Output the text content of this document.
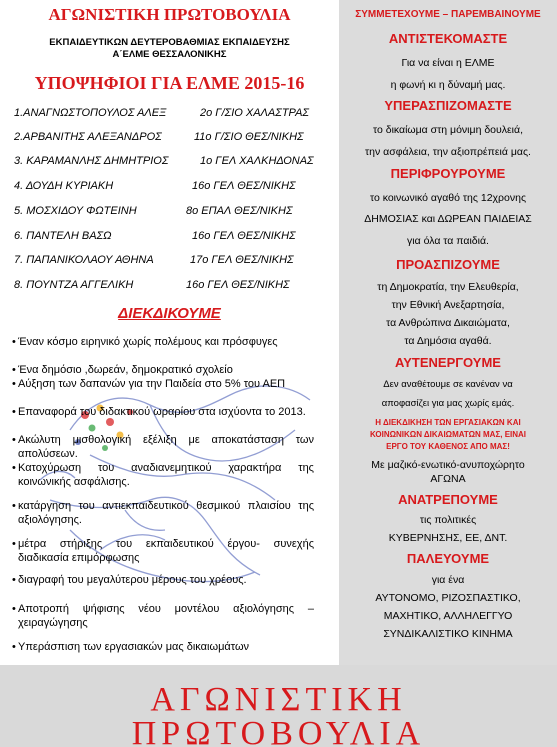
ΑΓΩΝΙΣΤΙΚΗ ΠΡΩΤΟΒΟΥΛΙΑ
ΕΚΠΑΙΔΕΥΤΙΚΩΝ ΔΕΥΤΕΡΟΒΑΘΜΙΑΣ ΕΚΠΑΙΔΕΥΣΗΣ
Α΄ΕΛΜΕ ΘΕΣΣΑΛΟΝΙΚΗΣ
ΥΠΟΨΗΦΙΟΙ ΓΙΑ ΕΛΜΕ 2015-16
1.ΑΝΑΓΝΩΣΤΟΠΟΥΛΟΣ ΑΛΕΞ	2ο Γ/ΣΙΟ ΧΑΛΑΣΤΡΑΣ
2.ΑΡΒΑΝΙΤΗΣ ΑΛΕΞΑΝΔΡΟΣ	11ο Γ/ΣΙΟ ΘΕΣ/ΝΙΚΗΣ
3. ΚΑΡΑΜΑΝΛΗΣ ΔΗΜΗΤΡΙΟΣ	1ο ΓΕΛ ΧΑΛΚΗΔΟΝΑΣ
4. ΔΟΥΔΗ ΚΥΡΙΑΚΗ	16ο ΓΕΛ ΘΕΣ/ΝΙΚΗΣ
5. ΜΟΣΧΙΔΟΥ ΦΩΤΕΙΝΗ	8ο ΕΠΑΛ ΘΕΣ/ΝΙΚΗΣ
6. ΠΑΝΤΕΛΗ ΒΑΣΩ	16ο ΓΕΛ ΘΕΣ/ΝΙΚΗΣ
7. ΠΑΠΑΝΙΚΟΛΑΟΥ ΑΘΗΝΑ	17ο ΓΕΛ ΘΕΣ/ΝΙΚΗΣ
8. ΠΟΥΝΤΖΑ ΑΓΓΕΛΙΚΗ	16ο ΓΕΛ ΘΕΣ/ΝΙΚΗΣ
ΔΙΕΚΔΙΚΟΥΜΕ
• Έναν κόσμο ειρηνικό χωρίς πολέμους και πρόσφυγες
• Ένα δημόσιο ,δωρεάν, δημοκρατικό σχολείο
• Αύξηση των δαπανών για την Παιδεία στο 5% του ΑΕΠ
• Επαναφορά του διδακτικού ωραρίου στα ισχύοντα το 2013.
• Ακώλυτη μισθολογική εξέλιξη με αποκατάσταση των απολύσεων.
• Κατοχύρωση του αναδιανεμητικού χαρακτήρα της κοινωνικής ασφάλισης.
• κατάργηση του αντιεκπαιδευτικού θεσμικού πλαισίου της αξιολόγησης.
• μέτρα στήριξης του εκπαιδευτικού έργου- συνεχής διαδικασία επιμόρφωσης
• διαγραφή του μεγαλύτερου μέρους του χρέους.
• Αποτροπή ψήφισης νέου μοντέλου αξιολόγησης – χειραγώγησης
• Υπεράσπιση των εργασιακών μας δικαιωμάτων
ΣΥΜΜΕΤΕΧΟΥΜΕ – ΠΑΡΕΜΒΑΙΝΟΥΜΕ
ΑΝΤΙΣΤΕΚΟΜΑΣΤΕ
Για να είναι η ΕΛΜΕ
η φωνή κι η δύναμή μας.
ΥΠΕΡΑΣΠΙΖΟΜΑΣΤΕ
το δικαίωμα στη μόνιμη δουλειά,
την ασφάλεια, την αξιοπρέπειά μας.
ΠΕΡΙΦΡΟΥΡΟΥΜΕ
το κοινωνικό αγαθό της 12χρονης
ΔΗΜΟΣΙΑΣ και ΔΩΡΕΑΝ ΠΑΙΔΕΙΑΣ
για όλα τα παιδιά.
ΠΡΟΑΣΠΙΖΟΥΜΕ
τη Δημοκρατία, την Ελευθερία,
την Εθνική Ανεξαρτησία,
τα Ανθρώπινα Δικαιώματα,
τα Δημόσια αγαθά.
ΑΥΤΕΝΕΡΓΟΥΜΕ
Δεν αναθέτουμε σε κανέναν να
αποφασίζει για μας χωρίς εμάς.
Η ΔΙΕΚΔΙΚΗΣΗ ΤΩΝ ΕΡΓΑΣΙΑΚΩΝ ΚΑΙ
ΚΟΙΝΩΝΙΚΩΝ ΔΙΚΑΙΩΜΑΤΩΝ ΜΑΣ, ΕΙΝΑΙ
ΕΡΓΟ ΤΟΥ ΚΑΘΕΝΟΣ ΑΠΟ ΜΑΣ!
Με μαζικό-ενωτικό-ανυποχώρητο
ΑΓΩΝΑ
ΑΝΑΤΡΕΠΟΥΜΕ
τις πολιτικές
ΚΥΒΕΡΝΗΣΗΣ, ΕΕ, ΔΝΤ.
ΠΑΛΕΥΟΥΜΕ
για ένα
ΑΥΤΟΝΟΜΟ, ΡΙΖΟΣΠΑΣΤΙΚΟ,
ΜΑΧΗΤΙΚΟ, ΑΛΛΗΛΕΓΓΥΟ
ΣΥΝΔΙΚΑΛΙΣΤΙΚΟ ΚΙΝΗΜΑ
ΑΓΩΝΙΣΤΙΚΗ
ΠΡΩΤΟΒΟΥΛΙΑ
